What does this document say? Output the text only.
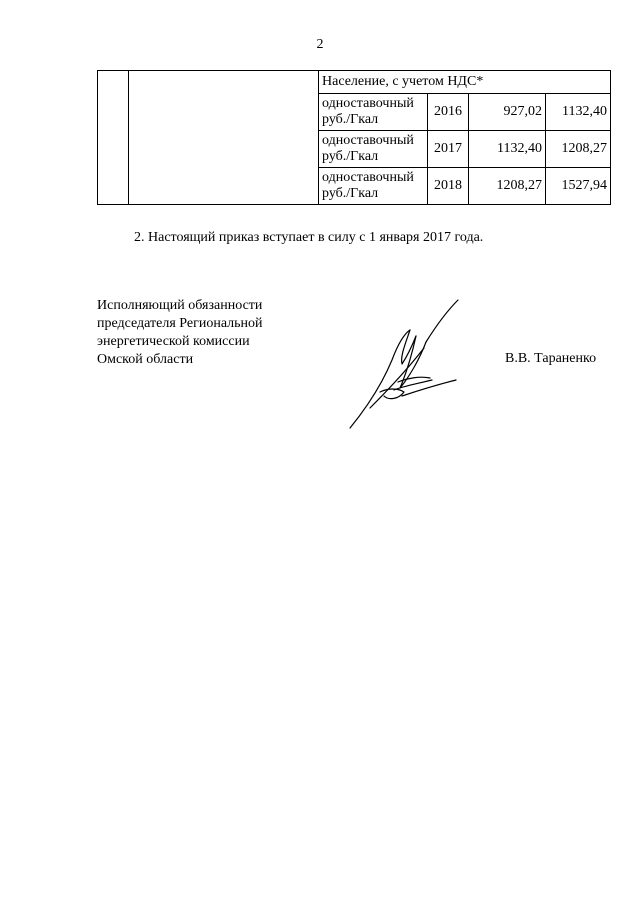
2
		Население, с учетом НДС*			
		одноставочный руб./Гкал	2016	927,02	1132,40
		одноставочный руб./Гкал	2017	1132,40	1208,27
		одноставочный руб./Гкал	2018	1208,27	1527,94
2. Настоящий приказ вступает в силу с 1 января 2017 года.
Исполняющий обязанности
председателя Региональной
энергетической комиссии
Омской области	В.В. Тараненко
